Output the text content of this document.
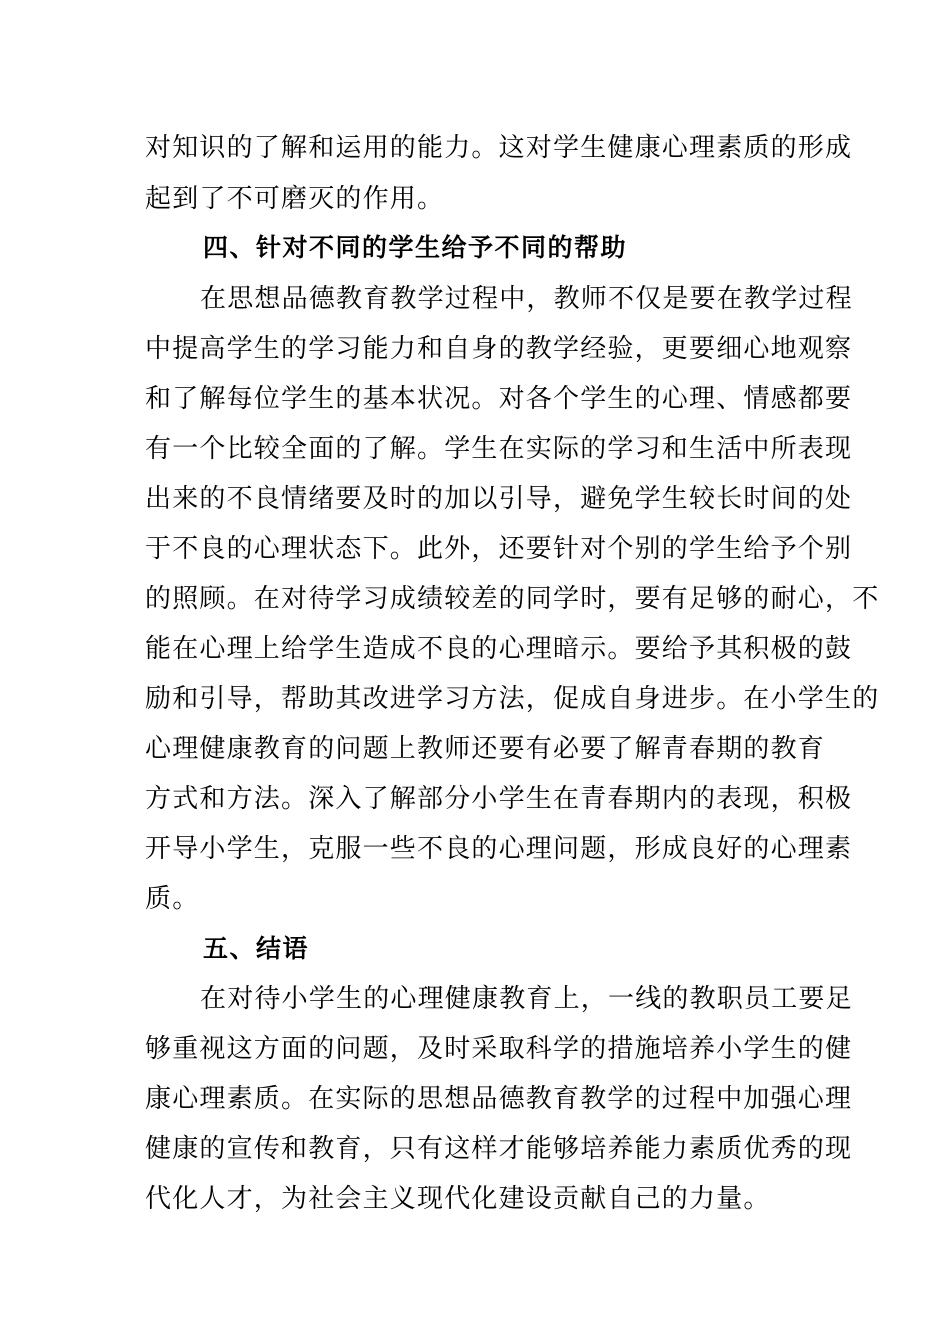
对知识的了解和运用的能力。这对学生健康心理素质的形成
起到了不可磨灭的作用。
四、针对不同的学生给予不同的帮助
在思想品德教育教学过程中，教师不仅是要在教学过程
中提高学生的学习能力和自身的教学经验，更要细心地观察
和了解每位学生的基本状况。对各个学生的心理、情感都要
有一个比较全面的了解。学生在实际的学习和生活中所表现
出来的不良情绪要及时的加以引导，避免学生较长时间的处
于不良的心理状态下。此外，还要针对个别的学生给予个别
的照顾。在对待学习成绩较差的同学时，要有足够的耐心，不
能在心理上给学生造成不良的心理暗示。要给予其积极的鼓
励和引导，帮助其改进学习方法，促成自身进步。在小学生的
心理健康教育的问题上教师还要有必要了解青春期的教育
方式和方法。深入了解部分小学生在青春期内的表现，积极
开导小学生，克服一些不良的心理问题，形成良好的心理素
质。
五、结语
在对待小学生的心理健康教育上，一线的教职员工要足
够重视这方面的问题，及时采取科学的措施培养小学生的健
康心理素质。在实际的思想品德教育教学的过程中加强心理
健康的宣传和教育，只有这样才能够培养能力素质优秀的现
代化人才，为社会主义现代化建设贡献自己的力量。
